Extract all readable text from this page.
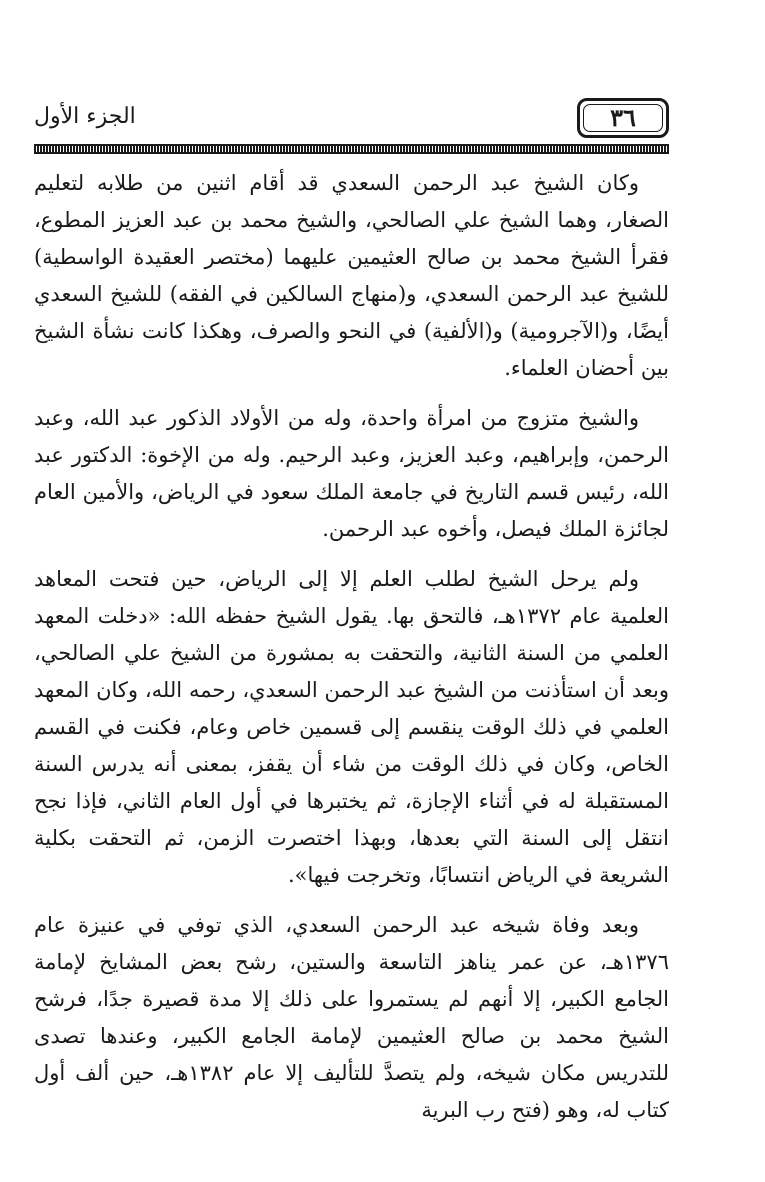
٣٦
الجزء الأول

وكان الشيخ عبد الرحمن السعدي قد أقام اثنين من طلابه لتعليم الصغار، وهما الشيخ علي الصالحي، والشيخ محمد بن عبد العزيز المطوع، فقرأ الشيخ محمد بن صالح العثيمين عليهما (مختصر العقيدة الواسطية) للشيخ عبد الرحمن السعدي، و(منهاج السالكين في الفقه) للشيخ السعدي أيضًا، و(الآجرومية) و(الألفية) في النحو والصرف، وهكذا كانت نشأة الشيخ بين أحضان العلماء.

والشيخ متزوج من امرأة واحدة، وله من الأولاد الذكور عبد الله، وعبد الرحمن، وإبراهيم، وعبد العزيز، وعبد الرحيم. وله من الإخوة: الدكتور عبد الله، رئيس قسم التاريخ في جامعة الملك سعود في الرياض، والأمين العام لجائزة الملك فيصل، وأخوه عبد الرحمن.

ولم يرحل الشيخ لطلب العلم إلا إلى الرياض، حين فتحت المعاهد العلمية عام ١٣٧٢هـ، فالتحق بها. يقول الشيخ حفظه الله: «دخلت المعهد العلمي من السنة الثانية، والتحقت به بمشورة من الشيخ علي الصالحي، وبعد أن استأذنت من الشيخ عبد الرحمن السعدي، رحمه الله، وكان المعهد العلمي في ذلك الوقت ينقسم إلى قسمين خاص وعام، فكنت في القسم الخاص، وكان في ذلك الوقت من شاء أن يقفز، بمعنى أنه يدرس السنة المستقبلة له في أثناء الإجازة، ثم يختبرها في أول العام الثاني، فإذا نجح انتقل إلى السنة التي بعدها، وبهذا اختصرت الزمن، ثم التحقت بكلية الشريعة في الرياض انتسابًا، وتخرجت فيها».

وبعد وفاة شيخه عبد الرحمن السعدي، الذي توفي في عنيزة عام ١٣٧٦هـ، عن عمر يناهز التاسعة والستين، رشح بعض المشايخ لإمامة الجامع الكبير، إلا أنهم لم يستمروا على ذلك إلا مدة قصيرة جدًا، فرشح الشيخ محمد بن صالح العثيمين لإمامة الجامع الكبير، وعندها تصدى للتدريس مكان شيخه، ولم يتصدَّ للتأليف إلا عام ١٣٨٢هـ، حين ألف أول كتاب له، وهو (فتح رب البرية
